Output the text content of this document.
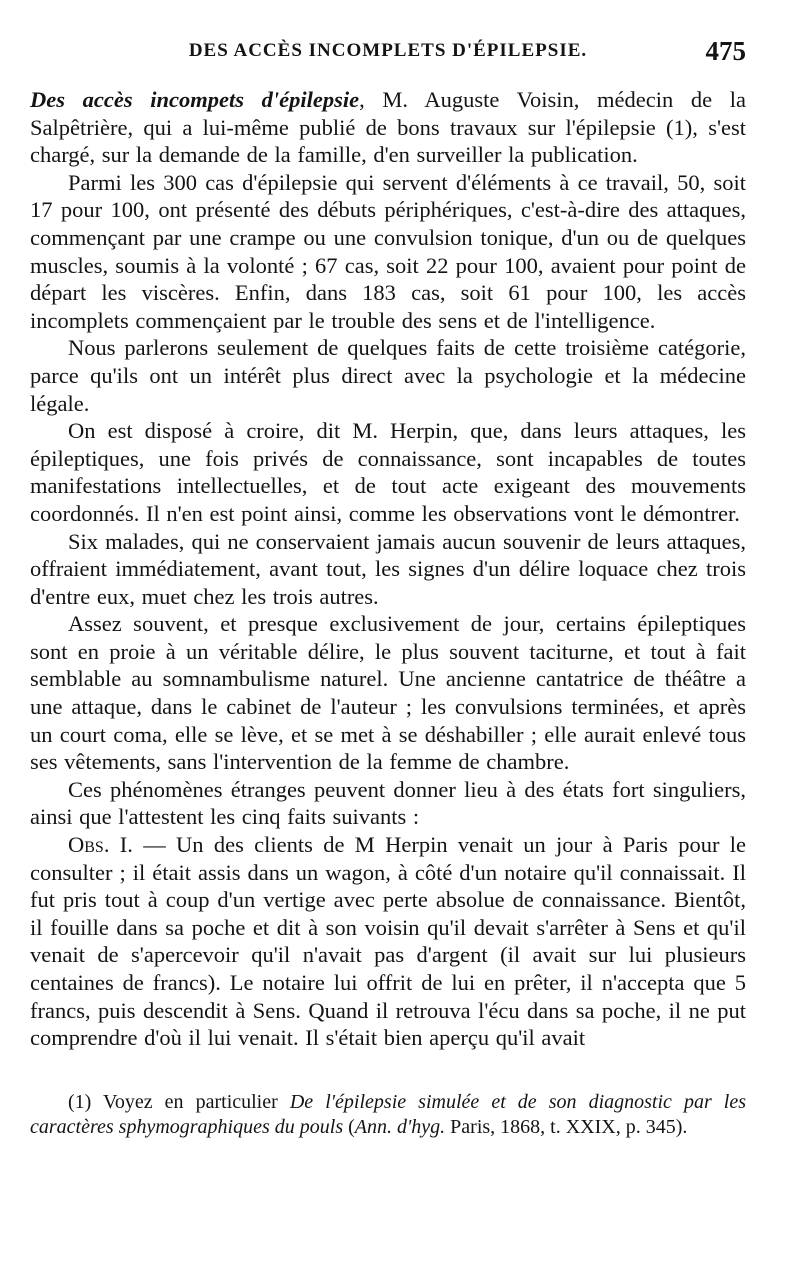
DES ACCÈS INCOMPLETS D'ÉPILEPSIE.	475

Des accès incompets d'épilepsie, M. Auguste Voisin, médecin de la Salpêtrière, qui a lui-même publié de bons travaux sur l'épilepsie (1), s'est chargé, sur la demande de la famille, d'en surveiller la publication.

Parmi les 300 cas d'épilepsie qui servent d'éléments à ce travail, 50, soit 17 pour 100, ont présenté des débuts périphériques, c'est-à-dire des attaques, commençant par une crampe ou une convulsion tonique, d'un ou de quelques muscles, soumis à la volonté ; 67 cas, soit 22 pour 100, avaient pour point de départ les viscères. Enfin, dans 183 cas, soit 61 pour 100, les accès incomplets commençaient par le trouble des sens et de l'intelligence.

Nous parlerons seulement de quelques faits de cette troisième catégorie, parce qu'ils ont un intérêt plus direct avec la psychologie et la médecine légale.

On est disposé à croire, dit M. Herpin, que, dans leurs attaques, les épileptiques, une fois privés de connaissance, sont incapables de toutes manifestations intellectuelles, et de tout acte exigeant des mouvements coordonnés. Il n'en est point ainsi, comme les observations vont le démontrer.

Six malades, qui ne conservaient jamais aucun souvenir de leurs attaques, offraient immédiatement, avant tout, les signes d'un délire loquace chez trois d'entre eux, muet chez les trois autres.

Assez souvent, et presque exclusivement de jour, certains épileptiques sont en proie à un véritable délire, le plus souvent taciturne, et tout à fait semblable au somnambulisme naturel. Une ancienne cantatrice de théâtre a une attaque, dans le cabinet de l'auteur ; les convulsions terminées, et après un court coma, elle se lève, et se met à se déshabiller ; elle aurait enlevé tous ses vêtements, sans l'intervention de la femme de chambre.

Ces phénomènes étranges peuvent donner lieu à des états fort singuliers, ainsi que l'attestent les cinq faits suivants :

Obs. I. — Un des clients de M Herpin venait un jour à Paris pour le consulter ; il était assis dans un wagon, à côté d'un notaire qu'il connaissait. Il fut pris tout à coup d'un vertige avec perte absolue de connaissance. Bientôt, il fouille dans sa poche et dit à son voisin qu'il devait s'arrêter à Sens et qu'il venait de s'apercevoir qu'il n'avait pas d'argent (il avait sur lui plusieurs centaines de francs). Le notaire lui offrit de lui en prêter, il n'accepta que 5 francs, puis descendit à Sens. Quand il retrouva l'écu dans sa poche, il ne put comprendre d'où il lui venait. Il s'était bien aperçu qu'il avait

(1) Voyez en particulier De l'épilepsie simulée et de son diagnostic par les caractères sphymographiques du pouls (Ann. d'hyg. Paris, 1868, t. XXIX, p. 345).
